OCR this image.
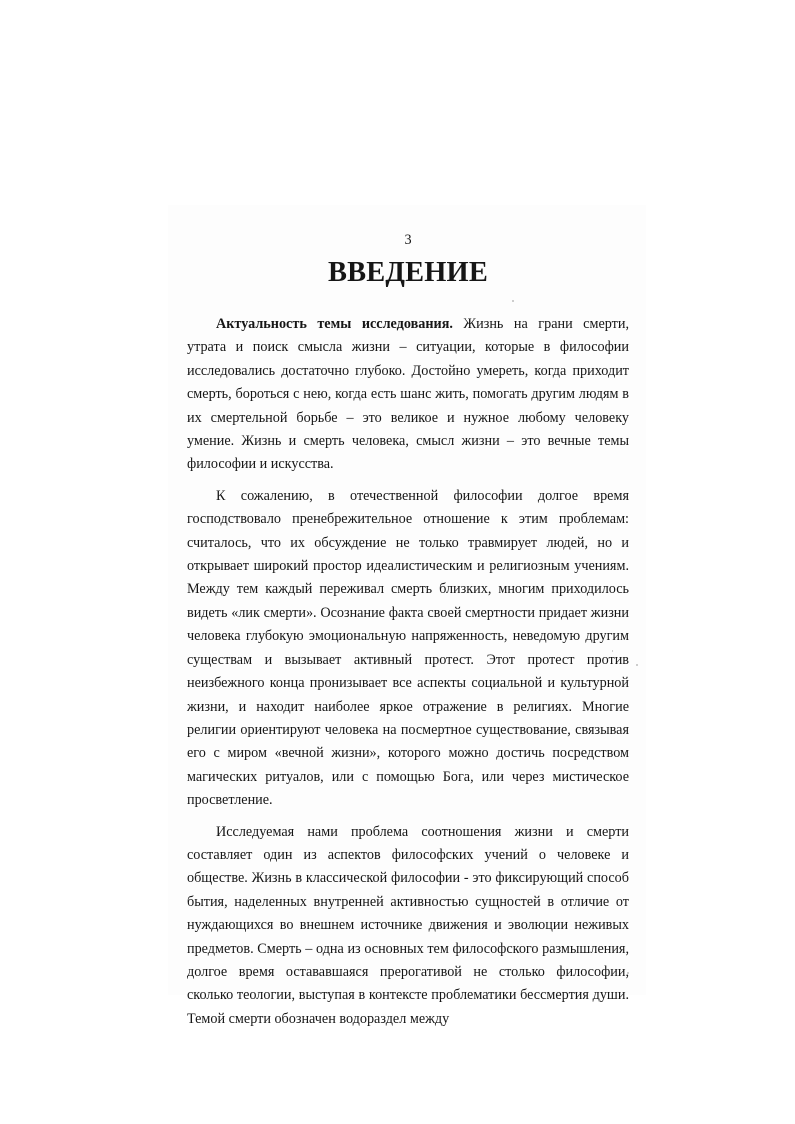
3

ВВЕДЕНИЕ

Актуальность темы исследования. Жизнь на грани смерти, утрата и поиск смысла жизни – ситуации, которые в философии исследовались достаточно глубоко. Достойно умереть, когда приходит смерть, бороться с нею, когда есть шанс жить, помогать другим людям в их смертельной борьбе – это великое и нужное любому человеку умение. Жизнь и смерть человека, смысл жизни – это вечные темы философии и искусства.

К сожалению, в отечественной философии долгое время господствовало пренебрежительное отношение к этим проблемам: считалось, что их обсуждение не только травмирует людей, но и открывает широкий простор идеалистическим и религиозным учениям. Между тем каждый переживал смерть близких, многим приходилось видеть «лик смерти». Осознание факта своей смертности придает жизни человека глубокую эмоциональную напряженность, неведомую другим существам и вызывает активный протест. Этот протест против неизбежного конца пронизывает все аспекты социальной и культурной жизни, и находит наиболее яркое отражение в религиях. Многие религии ориентируют человека на посмертное существование, связывая его с миром «вечной жизни», которого можно достичь посредством магических ритуалов, или с помощью Бога, или через мистическое просветление.

Исследуемая нами проблема соотношения жизни и смерти составляет один из аспектов философских учений о человеке и обществе. Жизнь в классической философии - это фиксирующий способ бытия, наделенных внутренней активностью сущностей в отличие от нуждающихся во внешнем источнике движения и эволюции неживых предметов. Смерть – одна из основных тем философского размышления, долгое время остававшаяся прерогативой не столько философии, сколько теологии, выступая в контексте проблематики бессмертия души. Темой смерти обозначен водораздел между
